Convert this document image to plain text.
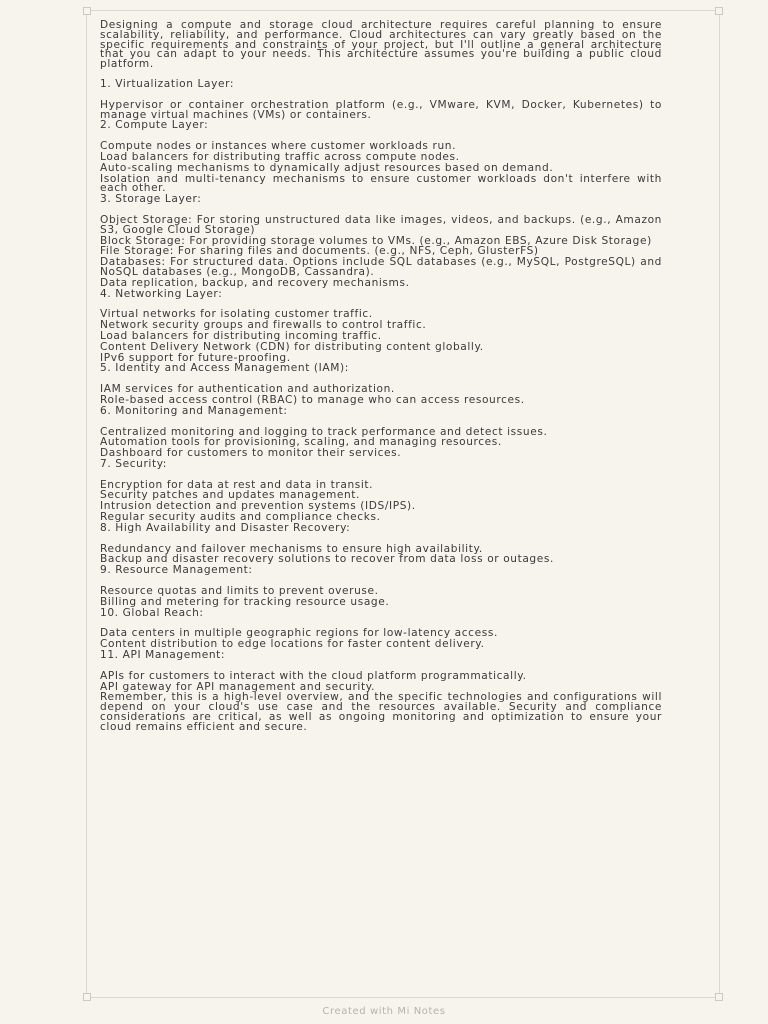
Designing a compute and storage cloud architecture requires careful planning to ensure scalability, reliability, and performance. Cloud architectures can vary greatly based on the specific requirements and constraints of your project, but I'll outline a general architecture that you can adapt to your needs. This architecture assumes you're building a public cloud platform.

1. Virtualization Layer:

Hypervisor or container orchestration platform (e.g., VMware, KVM, Docker, Kubernetes) to manage virtual machines (VMs) or containers.

2. Compute Layer:

Compute nodes or instances where customer workloads run.

Load balancers for distributing traffic across compute nodes.

Auto-scaling mechanisms to dynamically adjust resources based on demand.

Isolation and multi-tenancy mechanisms to ensure customer workloads don't interfere with each other.

3. Storage Layer:

Object Storage: For storing unstructured data like images, videos, and backups. (e.g., Amazon S3, Google Cloud Storage)

Block Storage: For providing storage volumes to VMs. (e.g., Amazon EBS, Azure Disk Storage)

File Storage: For sharing files and documents. (e.g., NFS, Ceph, GlusterFS)

Databases: For structured data. Options include SQL databases (e.g., MySQL, PostgreSQL) and NoSQL databases (e.g., MongoDB, Cassandra).

Data replication, backup, and recovery mechanisms.

4. Networking Layer:

Virtual networks for isolating customer traffic.

Network security groups and firewalls to control traffic.

Load balancers for distributing incoming traffic.

Content Delivery Network (CDN) for distributing content globally.

IPv6 support for future-proofing.

5. Identity and Access Management (IAM):

IAM services for authentication and authorization.

Role-based access control (RBAC) to manage who can access resources.

6. Monitoring and Management:

Centralized monitoring and logging to track performance and detect issues.

Automation tools for provisioning, scaling, and managing resources.

Dashboard for customers to monitor their services.

7. Security:

Encryption for data at rest and data in transit.

Security patches and updates management.

Intrusion detection and prevention systems (IDS/IPS).

Regular security audits and compliance checks.

8. High Availability and Disaster Recovery:

Redundancy and failover mechanisms to ensure high availability.

Backup and disaster recovery solutions to recover from data loss or outages.

9. Resource Management:

Resource quotas and limits to prevent overuse.

Billing and metering for tracking resource usage.

10. Global Reach:

Data centers in multiple geographic regions for low-latency access.

Content distribution to edge locations for faster content delivery.

11. API Management:

APIs for customers to interact with the cloud platform programmatically.

API gateway for API management and security.

Remember, this is a high-level overview, and the specific technologies and configurations will depend on your cloud's use case and the resources available. Security and compliance considerations are critical, as well as ongoing monitoring and optimization to ensure your cloud remains efficient and secure.

Created with Mi Notes
